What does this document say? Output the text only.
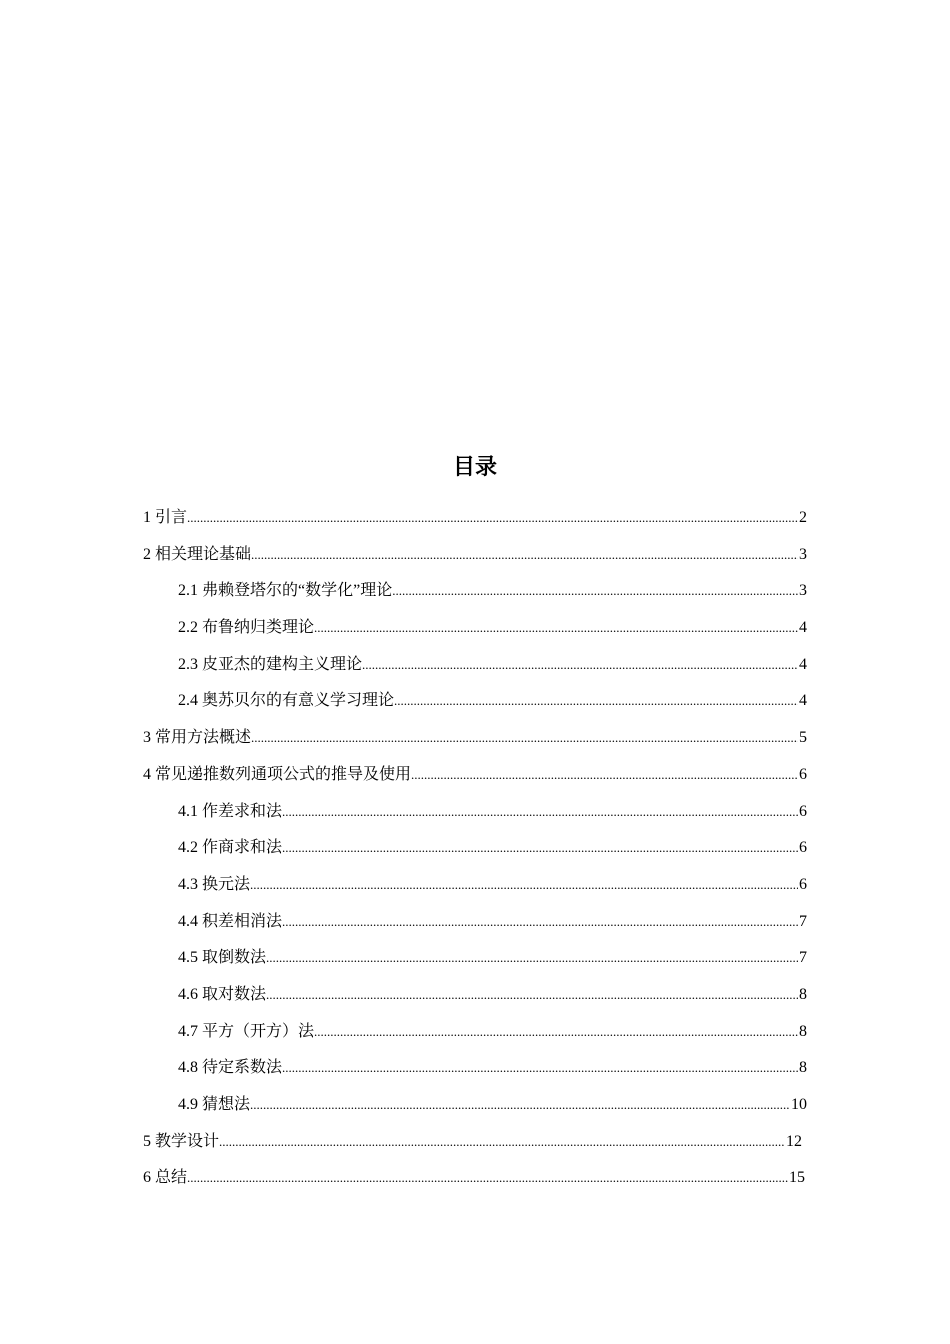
目录
1 引言 .....	2
2 相关理论基础 .....	3
2.1 弗赖登塔尔的“数学化”理论 .....	3
2.2 布鲁纳归类理论 .....	4
2.3 皮亚杰的建构主义理论 .....	4
2.4 奥苏贝尔的有意义学习理论 .....	4
3 常用方法概述 .....	5
4 常见递推数列通项公式的推导及使用 .....	6
4.1 作差求和法 .....	6
4.2 作商求和法 .....	6
4.3 换元法 .....	6
4.4 积差相消法 .....	7
4.5 取倒数法 .....	7
4.6 取对数法 .....	8
4.7 平方（开方）法 .....	8
4.8 待定系数法 .....	8
4.9 猜想法 .....	10
5 教学设计 .....	12
6 总结 .....	15
